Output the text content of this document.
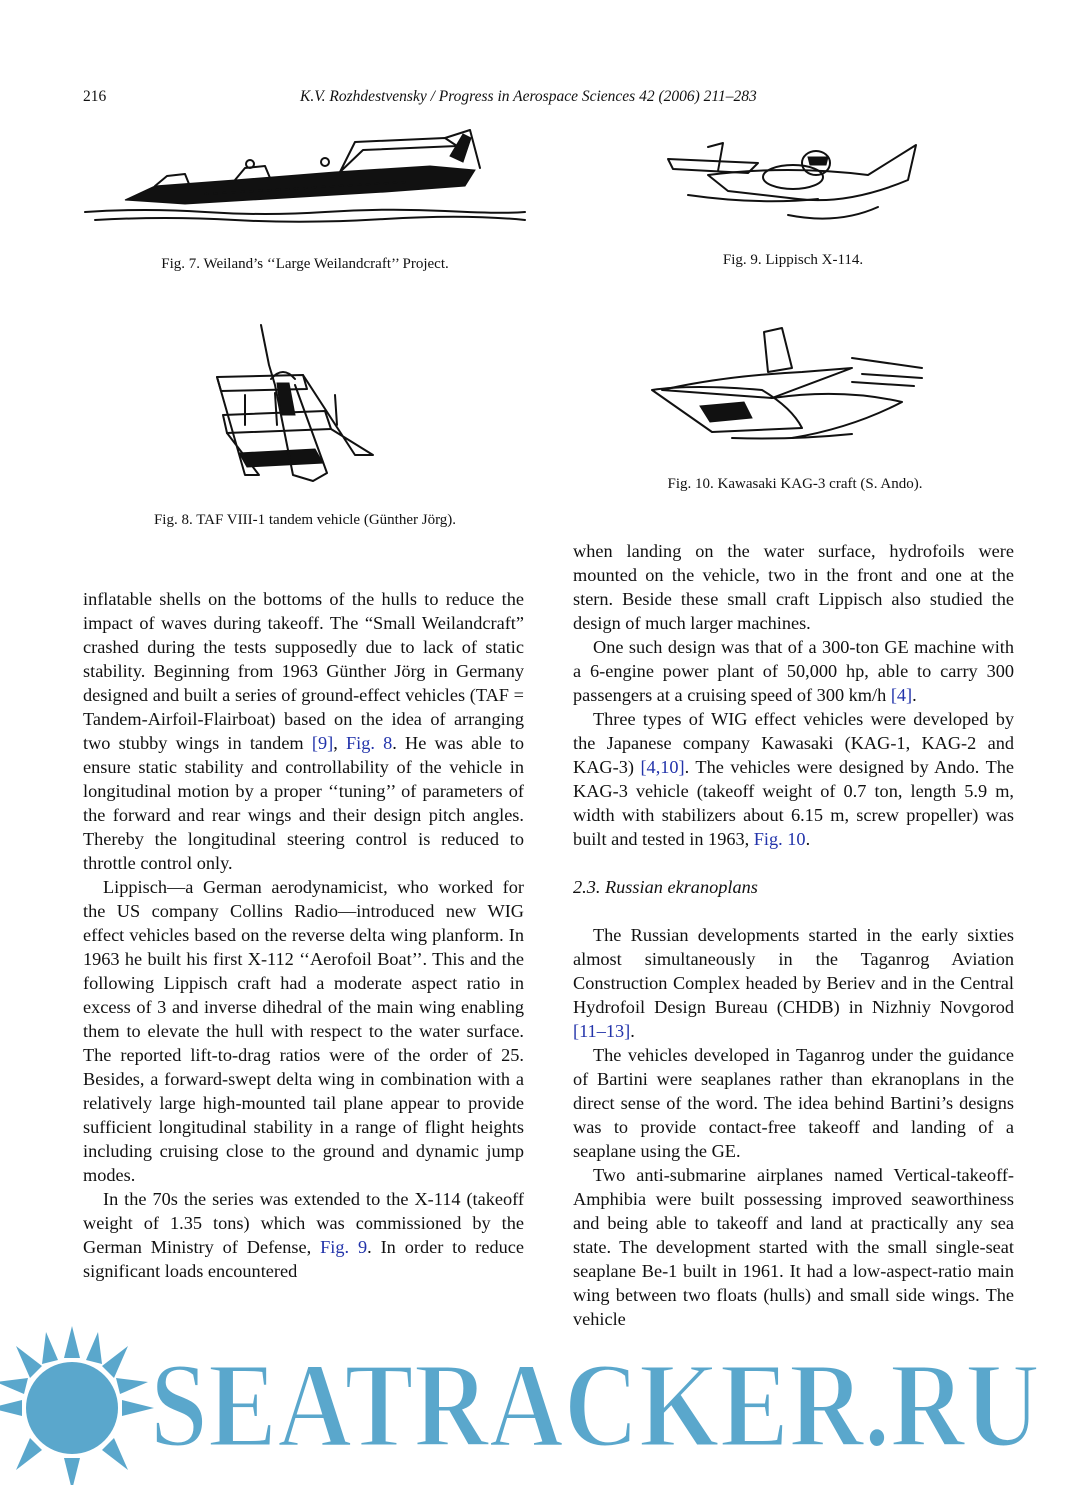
216	K.V. Rozhdestvensky / Progress in Aerospace Sciences 42 (2006) 211–283
Fig. 7. Weiland’s ‘‘Large Weilandcraft’’ Project.	Fig. 9. Lippisch X-114.
Fig. 8. TAF VIII-1 tandem vehicle (Günther Jörg).
Fig. 10. Kawasaki KAG-3 craft (S. Ando).

inflatable shells on the bottoms of the hulls to reduce the impact of waves during takeoff. The “Small Weilandcraft” crashed during the tests supposedly due to lack of static stability. Beginning from 1963 Günther Jörg in Germany designed and built a series of ground-effect vehicles (TAF = Tandem-Airfoil-Flairboat) based on the idea of arranging two stubby wings in tandem [9], Fig. 8. He was able to ensure static stability and controllability of the vehicle in longitudinal motion by a proper ‘‘tuning’’ of parameters of the forward and rear wings and their design pitch angles. Thereby the longitudinal steering control is reduced to throttle control only.

Lippisch—a German aerodynamicist, who worked for the US company Collins Radio—introduced new WIG effect vehicles based on the reverse delta wing planform. In 1963 he built his first X-112 ‘‘Aerofoil Boat’’. This and the following Lippisch craft had a moderate aspect ratio in excess of 3 and inverse dihedral of the main wing enabling them to elevate the hull with respect to the water surface. The reported lift-to-drag ratios were of the order of 25. Besides, a forward-swept delta wing in combination with a relatively large high-mounted tail plane appear to provide sufficient longitudinal stability in a range of flight heights including cruising close to the ground and dynamic jump modes.

In the 70s the series was extended to the X-114 (takeoff weight of 1.35 tons) which was commissioned by the German Ministry of Defense, Fig. 9. In order to reduce significant loads encountered

when landing on the water surface, hydrofoils were mounted on the vehicle, two in the front and one at the stern. Beside these small craft Lippisch also studied the design of much larger machines.

One such design was that of a 300-ton GE machine with a 6-engine power plant of 50,000 hp, able to carry 300 passengers at a cruising speed of 300 km/h [4].

Three types of WIG effect vehicles were developed by the Japanese company Kawasaki (KAG-1, KAG-2 and KAG-3) [4,10]. The vehicles were designed by Ando. The KAG-3 vehicle (takeoff weight of 0.7 ton, length 5.9 m, width with stabilizers about 6.15 m, screw propeller) was built and tested in 1963, Fig. 10.

2.3. Russian ekranoplans

The Russian developments started in the early sixties almost simultaneously in the Taganrog Aviation Construction Complex headed by Beriev and in the Central Hydrofoil Design Bureau (CHDB) in Nizhniy Novgorod [11–13].

The vehicles developed in Taganrog under the guidance of Bartini were seaplanes rather than ekranoplans in the direct sense of the word. The idea behind Bartini’s designs was to provide contact-free takeoff and landing of a seaplane using the GE.

Two anti-submarine airplanes named Vertical-takeoff-Amphibia were built possessing improved seaworthiness and being able to takeoff and land at practically any sea state. The development started with the small single-seat seaplane Be-1 built in 1961. It had a low-aspect-ratio main wing between two floats (hulls) and small side wings. The vehicle

SEATRACKER.RU
